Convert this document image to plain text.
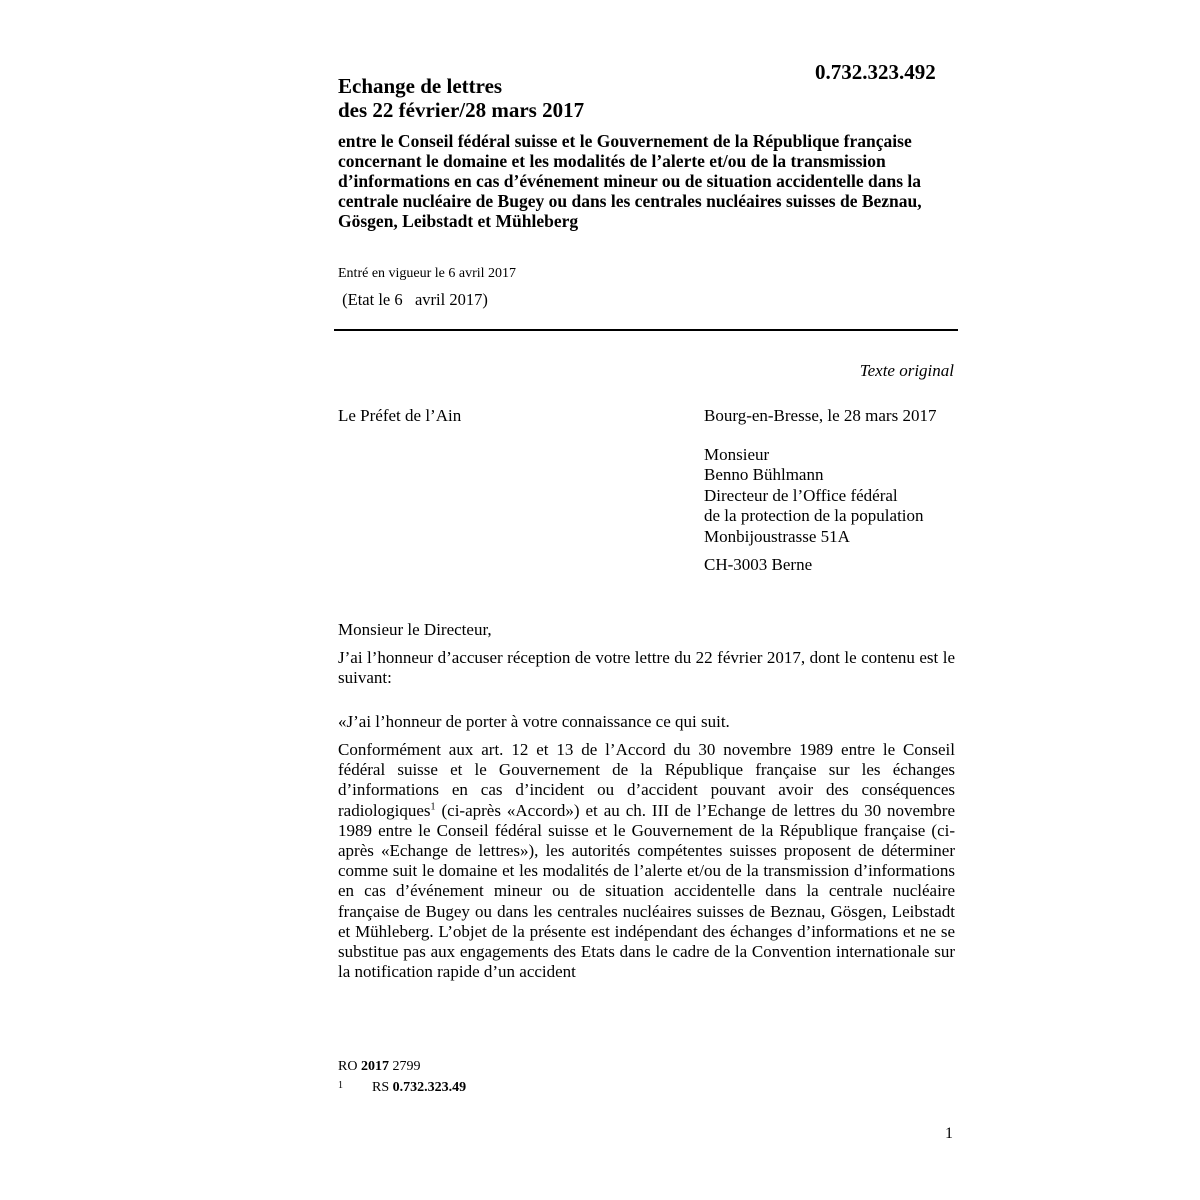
0.732.323.492
Echange de lettres
des 22 février/28 mars 2017
entre le Conseil fédéral suisse et le Gouvernement de la République française concernant le domaine et les modalités de l’alerte et/ou de la transmission d’informations en cas d’événement mineur ou de situation accidentelle dans la centrale nucléaire de Bugey ou dans les centrales nucléaires suisses de Beznau, Gösgen, Leibstadt et Mühleberg
Entré en vigueur le 6 avril 2017
(Etat le 6   avril 2017)
Texte original
Le Préfet de l’Ain	Bourg-en-Bresse, le 28 mars 2017
Monsieur
Benno Bühlmann
Directeur de l’Office fédéral
de la protection de la population
Monbijoustrasse 51A
CH-3003 Berne
Monsieur le Directeur,
J’ai l’honneur d’accuser réception de votre lettre du 22 février 2017, dont le contenu est le suivant:
«J’ai l’honneur de porter à votre connaissance ce qui suit.
Conformément aux art. 12 et 13 de l’Accord du 30 novembre 1989 entre le Conseil fédéral suisse et le Gouvernement de la République française sur les échanges d’informations en cas d’incident ou d’accident pouvant avoir des conséquences radiologiques$^1$ (ci-après «Accord») et au ch. III de l’Echange de lettres du 30 novembre 1989 entre le Conseil fédéral suisse et le Gouvernement de la République française (ci-après «Echange de lettres»), les autorités compétentes suisses proposent de déterminer comme suit le domaine et les modalités de l’alerte et/ou de la transmission d’informations en cas d’événement mineur ou de situation accidentelle dans la centrale nucléaire française de Bugey ou dans les centrales nucléaires suisses de Beznau, Gösgen, Leibstadt et Mühleberg. L’objet de la présente est indépendant des échanges d’informations et ne se substitue pas aux engagements des Etats dans le cadre de la Convention internationale sur la notification rapide d’un accident
RO 2017 2799
1 RS 0.732.323.49
1
